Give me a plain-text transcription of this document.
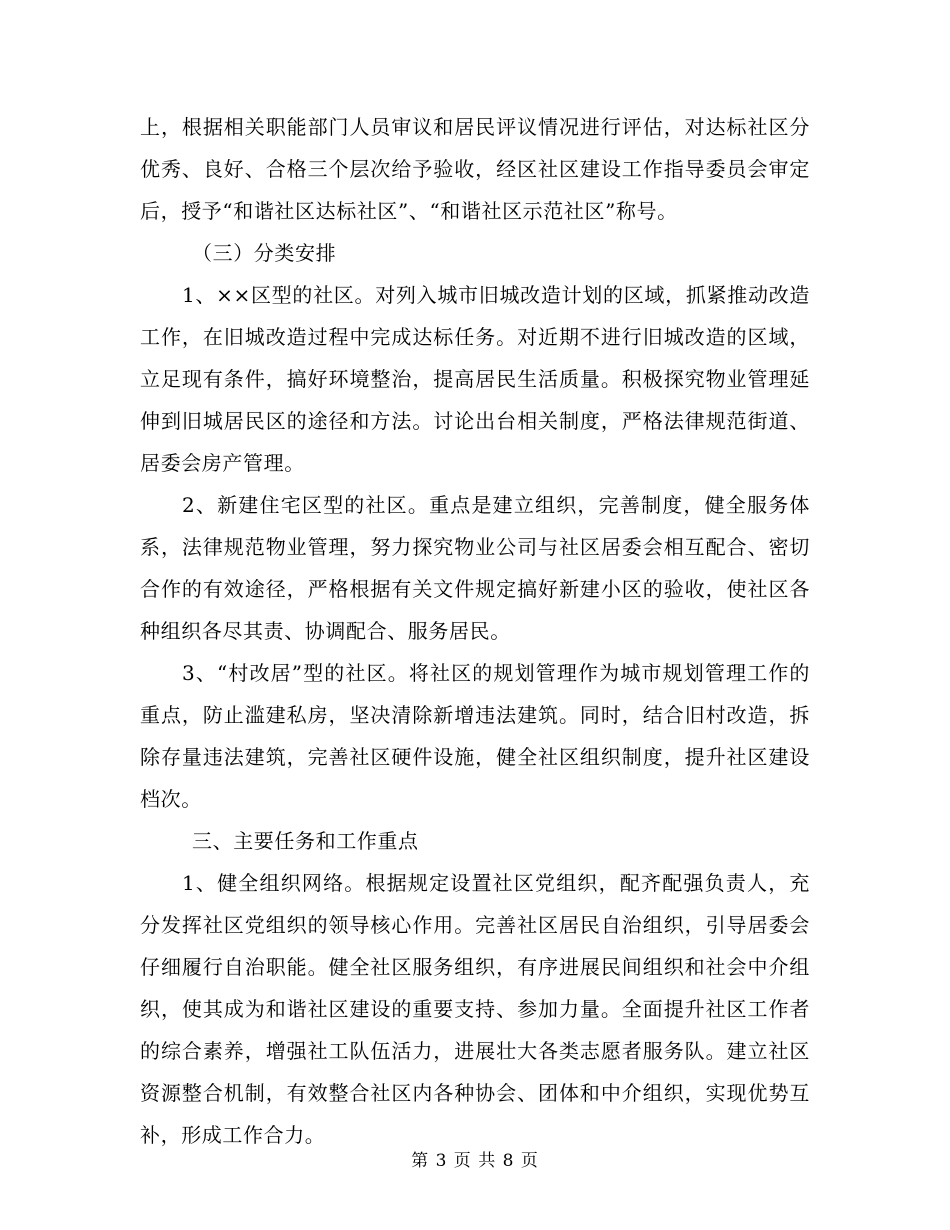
上，根据相关职能部门人员审议和居民评议情况进行评估，对达标社区分优秀、良好、合格三个层次给予验收，经区社区建设工作指导委员会审定后，授予“和谐社区达标社区”、“和谐社区示范社区”称号。

（三）分类安排

1、××区型的社区。对列入城市旧城改造计划的区域，抓紧推动改造工作，在旧城改造过程中完成达标任务。对近期不进行旧城改造的区域，立足现有条件，搞好环境整治，提高居民生活质量。积极探究物业管理延伸到旧城居民区的途径和方法。讨论出台相关制度，严格法律规范街道、居委会房产管理。

2、新建住宅区型的社区。重点是建立组织，完善制度，健全服务体系，法律规范物业管理，努力探究物业公司与社区居委会相互配合、密切合作的有效途径，严格根据有关文件规定搞好新建小区的验收，使社区各种组织各尽其责、协调配合、服务居民。

3、“村改居”型的社区。将社区的规划管理作为城市规划管理工作的重点，防止滥建私房，坚决清除新增违法建筑。同时，结合旧村改造，拆除存量违法建筑，完善社区硬件设施，健全社区组织制度，提升社区建设档次。

三、主要任务和工作重点

1、健全组织网络。根据规定设置社区党组织，配齐配强负责人，充分发挥社区党组织的领导核心作用。完善社区居民自治组织，引导居委会仔细履行自治职能。健全社区服务组织，有序进展民间组织和社会中介组织，使其成为和谐社区建设的重要支持、参加力量。全面提升社区工作者的综合素养，增强社工队伍活力，进展壮大各类志愿者服务队。建立社区资源整合机制，有效整合社区内各种协会、团体和中介组织，实现优势互补，形成工作合力。

第 3 页 共 8 页
